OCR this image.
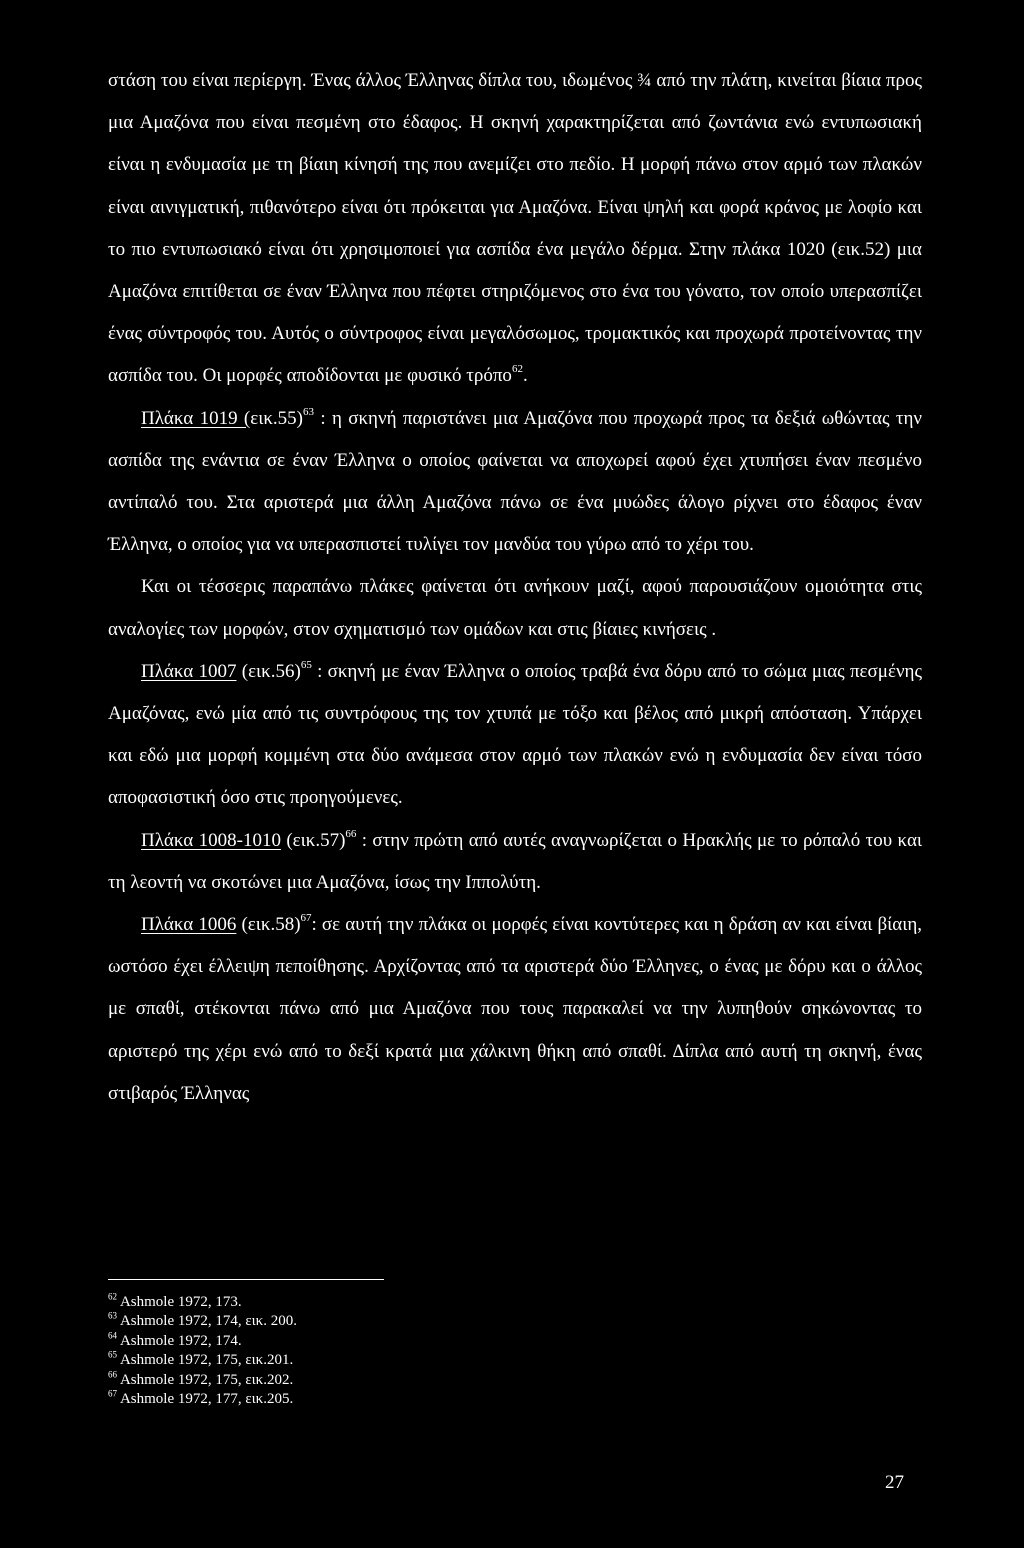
στάση του είναι περίεργη. Ένας άλλος Έλληνας δίπλα του, ιδωμένος ¾ από την πλάτη, κινείται βίαια προς μια Αμαζόνα που είναι πεσμένη στο έδαφος. Η σκηνή χαρακτηρίζεται από ζωντάνια ενώ εντυπωσιακή είναι η ενδυμασία με τη βίαιη κίνησή της που ανεμίζει στο πεδίο. Η μορφή πάνω στον αρμό των πλακών είναι αινιγματική, πιθανότερο είναι ότι πρόκειται για Αμαζόνα. Είναι ψηλή και φορά κράνος με λοφίο και το πιο εντυπωσιακό είναι ότι χρησιμοποιεί για ασπίδα ένα μεγάλο δέρμα. Στην πλάκα 1020 (εικ.52) μια Αμαζόνα επιτίθεται σε έναν Έλληνα που πέφτει στηριζόμενος στο ένα του γόνατο, τον οποίο υπερασπίζει ένας σύντροφός του. Αυτός ο σύντροφος είναι μεγαλόσωμος, τρομακτικός και προχωρά προτείνοντας την ασπίδα του. Οι μορφές αποδίδονται με φυσικό τρόπο$^{62}$.

Πλάκα 1019 $(\varepsilon\iota\kappa.55)^{63}$ : η σκηνή παριστάνει μια Αμαζόνα που προχωρά προς τα δεξιά ωθώντας την ασπίδα της ενάντια σε έναν Έλληνα ο οποίος φαίνεται να αποχωρεί αφού έχει χτυπήσει έναν πεσμένο αντίπαλό του. Στα αριστερά μια άλλη Αμαζόνα πάνω σε ένα μυώδες άλογο ρίχνει στο έδαφος έναν Έλληνα, ο οποίος για να υπερασπιστεί τυλίγει τον μανδύα του γύρω από το χέρι του.

Και οι τέσσερις παραπάνω πλάκες φαίνεται ότι ανήκουν μαζί, αφού παρουσιάζουν ομοιότητα στις αναλογίες των μορφών, στον σχηματισμό των ομάδων και στις βίαιες κινήσεις .

Πλάκα 1007 $(\varepsilon\iota\kappa.56)^{65}$ : σκηνή με έναν Έλληνα ο οποίος τραβά ένα δόρυ από το σώμα μιας πεσμένης Αμαζόνας, ενώ μία από τις συντρόφους της τον χτυπά με τόξο και βέλος από μικρή απόσταση. Υπάρχει και εδώ μια μορφή κομμένη στα δύο ανάμεσα στον αρμό των πλακών ενώ η ενδυμασία δεν είναι τόσο αποφασιστική όσο στις προηγούμενες.

Πλάκα 1008-1010 $(\varepsilon\iota\kappa.57)^{66}$ : στην πρώτη από αυτές αναγνωρίζεται ο Ηρακλής με το ρόπαλό του και τη λεοντή να σκοτώνει μια Αμαζόνα, ίσως την Ιππολύτη.

Πλάκα 1006 $(\varepsilon\iota\kappa.58)^{67}$: σε αυτή την πλάκα οι μορφές είναι κοντύτερες και η δράση αν και είναι βίαιη, ωστόσο έχει έλλειψη πεποίθησης. Αρχίζοντας από τα αριστερά δύο Έλληνες, ο ένας με δόρυ και ο άλλος με σπαθί, στέκονται πάνω από μια Αμαζόνα που τους παρακαλεί να την λυπηθούν σηκώνοντας το αριστερό της χέρι ενώ από το δεξί κρατά μια χάλκινη θήκη από σπαθί. Δίπλα από αυτή τη σκηνή, ένας στιβαρός Έλληνας

$^{62}$ Ashmole 1972, 173.

$^{63}$ Ashmole 1972, 174, εικ. 200.

$^{64}$ Ashmole 1972, 174.

$^{65}$ Ashmole 1972, 175, εικ.201.

$^{66}$ Ashmole 1972, 175, εικ.202.

$^{67}$ Ashmole 1972, 177, εικ.205.

27
